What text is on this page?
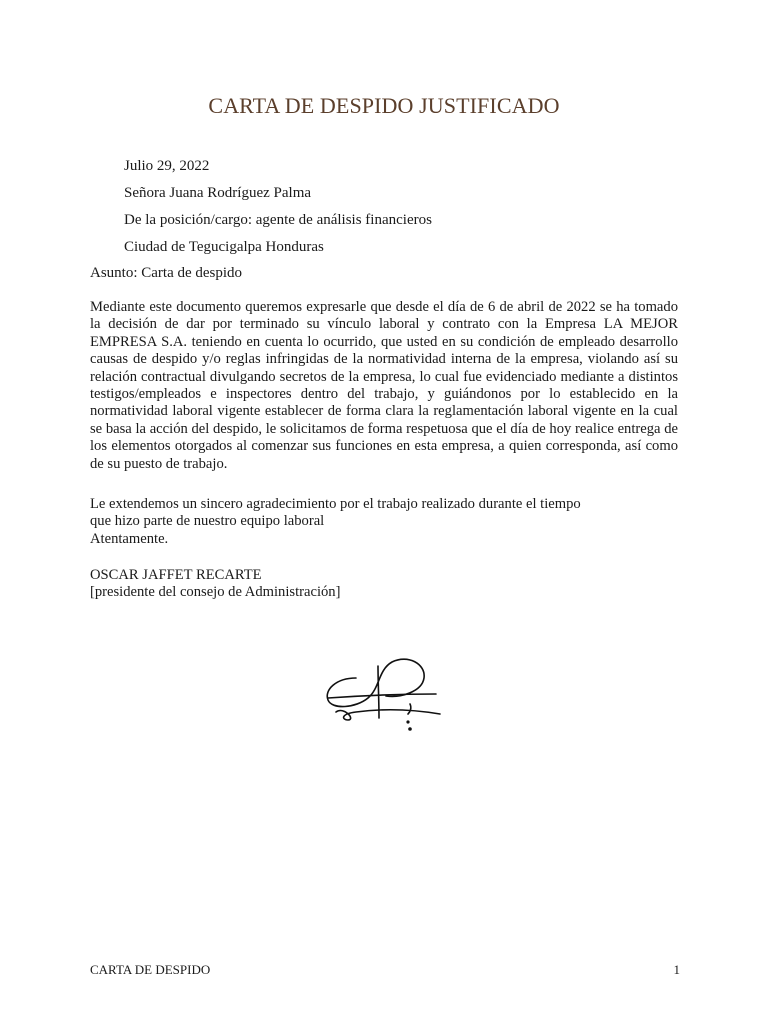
CARTA DE DESPIDO JUSTIFICADO
Julio 29, 2022
Señora Juana Rodríguez Palma
De la posición/cargo: agente de análisis financieros
Ciudad de Tegucigalpa Honduras
Asunto: Carta de despido

Mediante este documento queremos expresarle que desde el día de 6 de abril de 2022 se ha tomado la decisión de dar por terminado su vínculo laboral y contrato con la Empresa LA MEJOR EMPRESA S.A. teniendo en cuenta lo ocurrido, que usted en su condición de empleado desarrollo causas de despido y/o reglas infringidas de la normatividad interna de la empresa, violando así su relación contractual divulgando secretos de la empresa, lo cual fue evidenciado mediante a distintos testigos/empleados e inspectores dentro del trabajo, y guiándonos por lo establecido en la normatividad laboral vigente establecer de forma clara la reglamentación laboral vigente en la cual se basa la acción del despido, le solicitamos de forma respetuosa que el día de hoy realice entrega de los elementos otorgados al comenzar sus funciones en esta empresa, a quien corresponda, así como de su puesto de trabajo.

Le extendemos un sincero agradecimiento por el trabajo realizado durante el tiempo
que hizo parte de nuestro equipo laboral
Atentamente.
OSCAR JAFFET RECARTE
[presidente del consejo de Administración]
CARTA DE DESPIDO	1
